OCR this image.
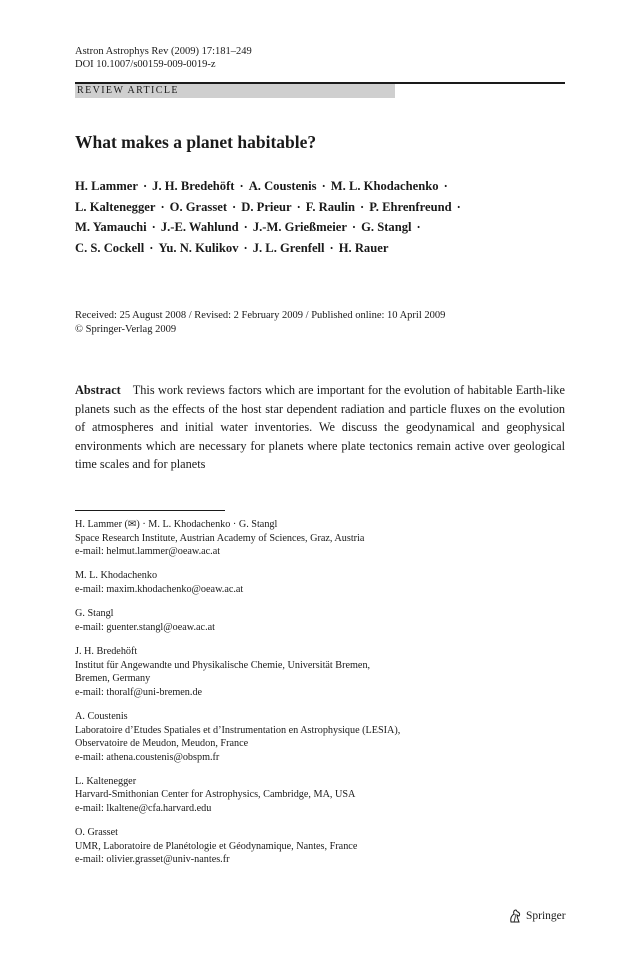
Astron Astrophys Rev (2009) 17:181–249
DOI 10.1007/s00159-009-0019-z
REVIEW ARTICLE
What makes a planet habitable?
H. Lammer · J. H. Bredehöft · A. Coustenis · M. L. Khodachenko ·
L. Kaltenegger · O. Grasset · D. Prieur · F. Raulin · P. Ehrenfreund ·
M. Yamauchi · J.-E. Wahlund · J.-M. Grießmeier · G. Stangl ·
C. S. Cockell · Yu. N. Kulikov · J. L. Grenfell · H. Rauer
Received: 25 August 2008 / Revised: 2 February 2009 / Published online: 10 April 2009
© Springer-Verlag 2009

Abstract This work reviews factors which are important for the evolution of habitable Earth-like planets such as the effects of the host star dependent radiation and particle fluxes on the evolution of atmospheres and initial water inventories. We discuss the geodynamical and geophysical environments which are necessary for planets where plate tectonics remain active over geological time scales and for planets

H. Lammer (✉) · M. L. Khodachenko · G. Stangl
Space Research Institute, Austrian Academy of Sciences, Graz, Austria
e-mail: helmut.lammer@oeaw.ac.at
M. L. Khodachenko
e-mail: maxim.khodachenko@oeaw.ac.at
G. Stangl
e-mail: guenter.stangl@oeaw.ac.at
J. H. Bredehöft
Institut für Angewandte und Physikalische Chemie, Universität Bremen,
Bremen, Germany
e-mail: thoralf@uni-bremen.de
A. Coustenis
Laboratoire d’Etudes Spatiales et d’Instrumentation en Astrophysique (LESIA),
Observatoire de Meudon, Meudon, France
e-mail: athena.coustenis@obspm.fr
L. Kaltenegger
Harvard-Smithonian Center for Astrophysics, Cambridge, MA, USA
e-mail: lkaltene@cfa.harvard.edu
O. Grasset
UMR, Laboratoire de Planétologie et Géodynamique, Nantes, France
e-mail: olivier.grasset@univ-nantes.fr
Springer
